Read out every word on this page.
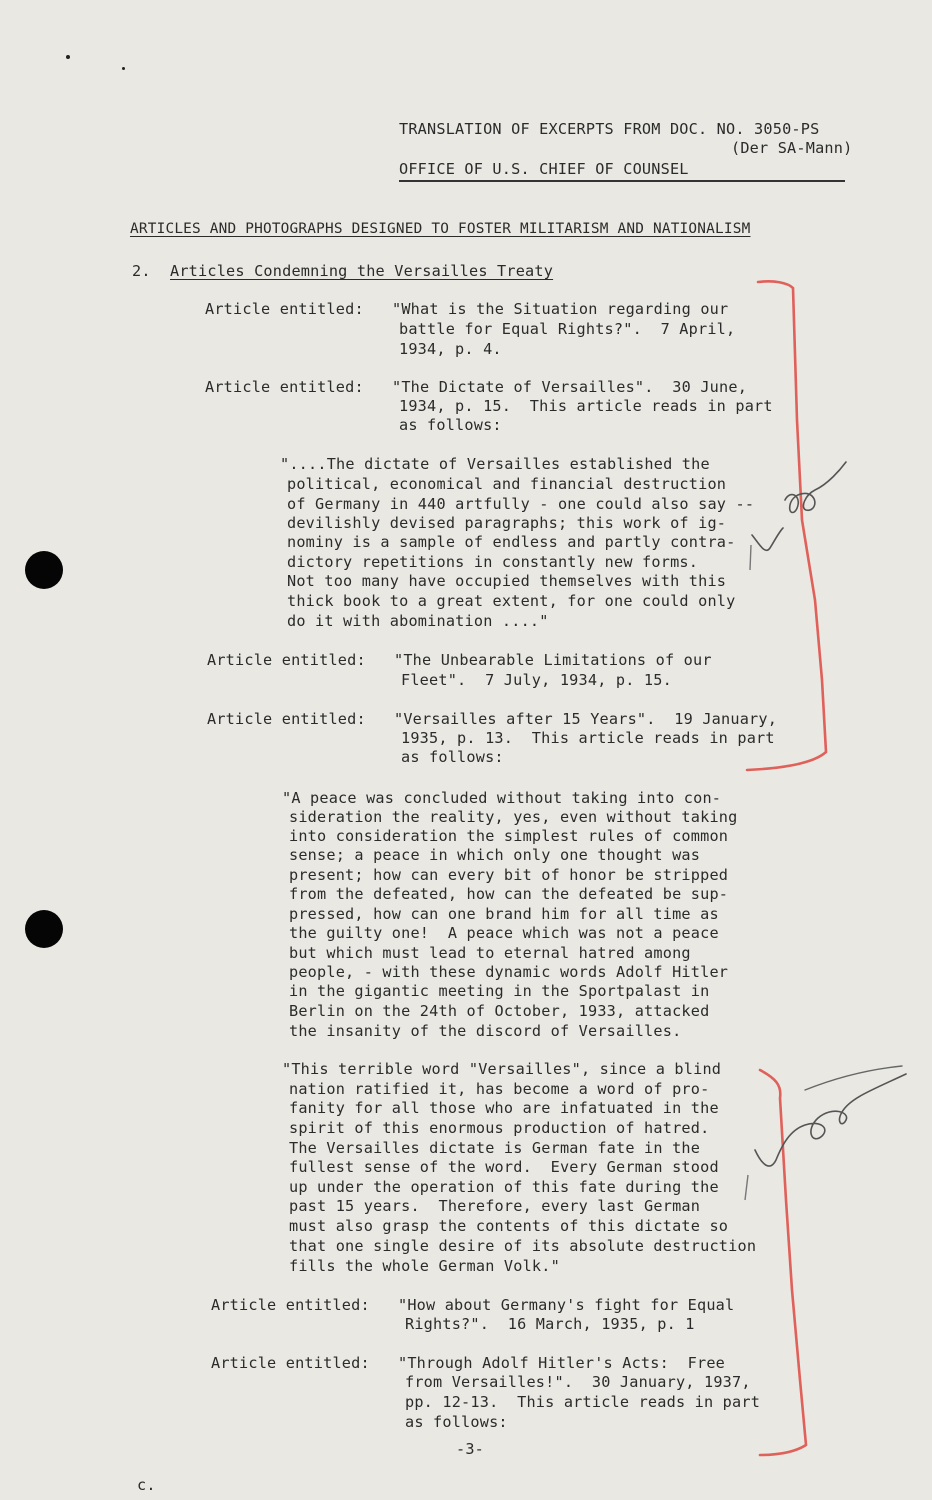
TRANSLATION OF EXCERPTS FROM DOC. NO. 3050-PS
(Der SA-Mann)
OFFICE OF U.S. CHIEF OF COUNSEL
ARTICLES AND PHOTOGRAPHS DESIGNED TO FOSTER MILITARISM AND NATIONALISM
2. Articles Condemning the Versailles Treaty
Article entitled: "What is the Situation regarding our
battle for Equal Rights?".  7 April,
1934, p. 4.
Article entitled: "The Dictate of Versailles".  30 June,
1934, p. 15.  This article reads in part
as follows:
"....The dictate of Versailles established the
political, economical and financial destruction
of Germany in 440 artfully - one could also say --
devilishly devised paragraphs; this work of ig-
nominy is a sample of endless and partly contra-
dictory repetitions in constantly new forms.
Not too many have occupied themselves with this
thick book to a great extent, for one could only
do it with abomination ...."
Article entitled: "The Unbearable Limitations of our
Fleet".  7 July, 1934, p. 15.
Article entitled: "Versailles after 15 Years".  19 January,
1935, p. 13.  This article reads in part
as follows:
"A peace was concluded without taking into con-
sideration the reality, yes, even without taking
into consideration the simplest rules of common
sense; a peace in which only one thought was
present; how can every bit of honor be stripped
from the defeated, how can the defeated be sup-
pressed, how can one brand him for all time as
the guilty one!  A peace which was not a peace
but which must lead to eternal hatred among
people, - with these dynamic words Adolf Hitler
in the gigantic meeting in the Sportpalast in
Berlin on the 24th of October, 1933, attacked
the insanity of the discord of Versailles.
"This terrible word "Versailles", since a blind
nation ratified it, has become a word of pro-
fanity for all those who are infatuated in the
spirit of this enormous production of hatred.
The Versailles dictate is German fate in the
fullest sense of the word.  Every German stood
up under the operation of this fate during the
past 15 years.  Therefore, every last German
must also grasp the contents of this dictate so
that one single desire of its absolute destruction
fills the whole German Volk."
Article entitled: "How about Germany's fight for Equal
Rights?".  16 March, 1935, p. 1
Article entitled: "Through Adolf Hitler's Acts:  Free
from Versailles!".  30 January, 1937,
pp. 12-13.  This article reads in part
as follows:
-3-
c.
